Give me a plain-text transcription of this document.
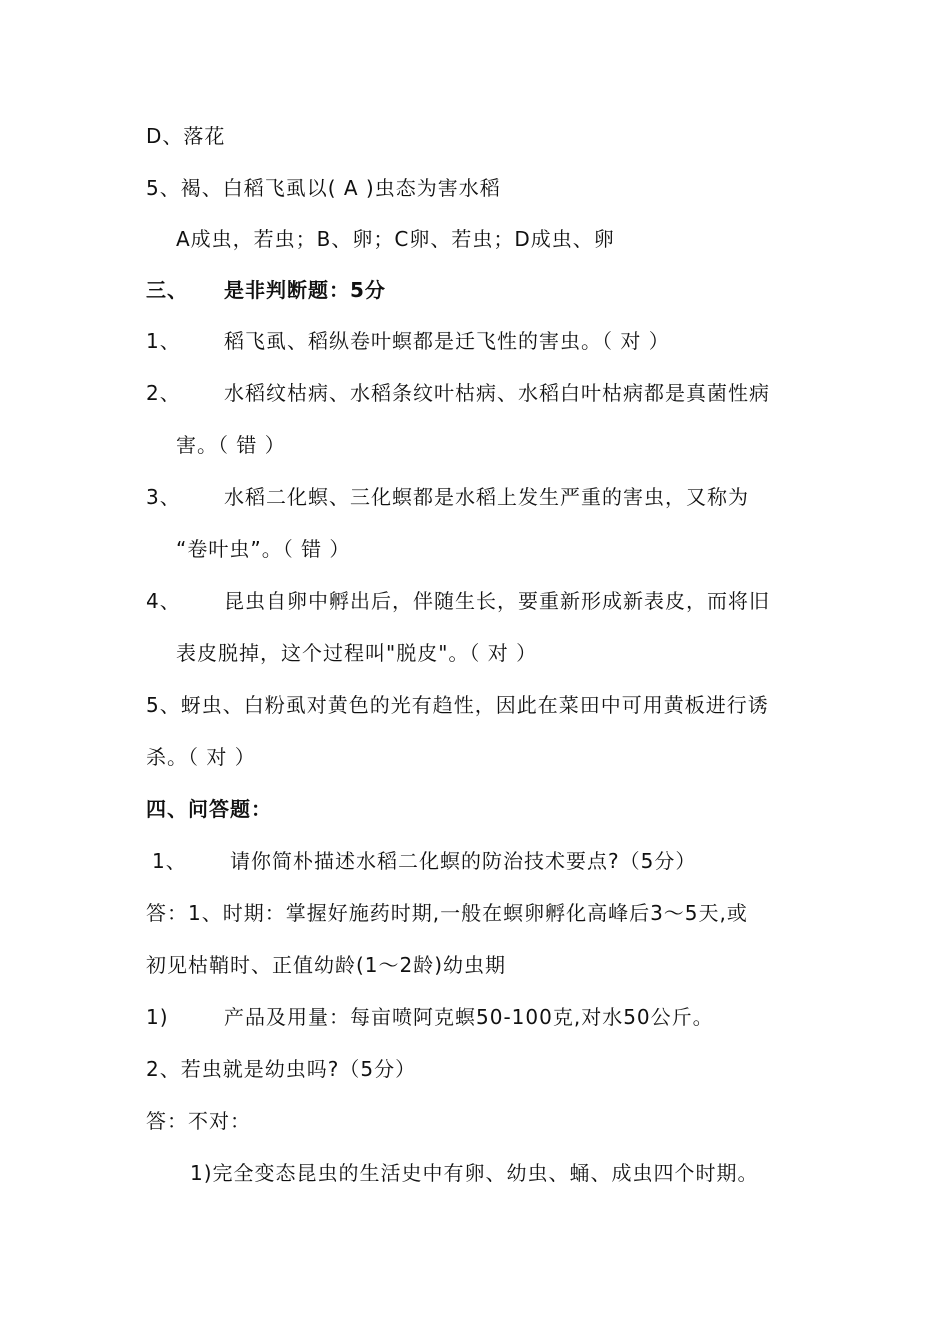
D、落花
5、褐、白稻飞虱以( A )虫态为害水稻
A成虫，若虫；B、卵；C卵、若虫；D成虫、卵
三、 是非判断题：5分
1、 稻飞虱、稻纵卷叶螟都是迁飞性的害虫。（ 对 ）
2、 水稻纹枯病、水稻条纹叶枯病、水稻白叶枯病都是真菌性病
害。（ 错 ）
3、 水稻二化螟、三化螟都是水稻上发生严重的害虫，又称为
“卷叶虫”。（ 错 ）
4、 昆虫自卵中孵出后，伴随生长，要重新形成新表皮，而将旧
表皮脱掉，这个过程叫"脱皮"。（ 对 ）
5、蚜虫、白粉虱对黄色的光有趋性，因此在菜田中可用黄板进行诱
杀。（ 对 ）
四、问答题：
1、 请你简朴描述水稻二化螟的防治技术要点?（5分）
答：1、时期：掌握好施药时期,一般在螟卵孵化高峰后3～5天,或
初见枯鞘时、正值幼龄(1～2龄)幼虫期
1)	产品及用量：每亩喷阿克螟50-100克,对水50公斤。
2、若虫就是幼虫吗?（5分）
答：不对：
1)完全变态昆虫的生活史中有卵、幼虫、蛹、成虫四个时期。
